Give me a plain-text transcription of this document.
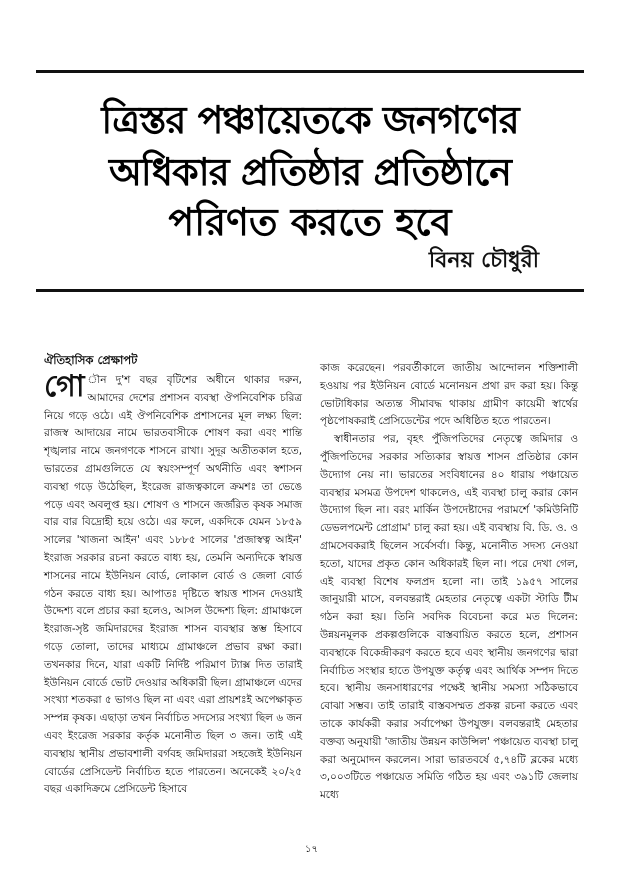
ত্রিস্তর পঞ্চায়েতকে জনগণের
অধিকার প্রতিষ্ঠার প্রতিষ্ঠানে
পরিণত করতে হবে
বিনয় চৌধুরী
ঐতিহাসিক প্রেক্ষাপট

গো ৗন দু'শ বছর বৃটিশের অধীনে থাকার দরুন, আমাদের দেশের প্রশাসন ব্যবস্থা ঔপনিবেশিক চরিত্র নিয়ে গড়ে ওঠে। এই ঔপনিবেশিক প্রশাসনের মূল লক্ষ্য ছিল: রাজস্ব আদায়ের নামে ভারতবাসীকে শোষণ করা এবং শান্তি শৃঙ্খলার নামে জনগণকে শাসনে রাখা। সুদূর অতীতকাল হতে, ভারতের গ্রামগুলিতে যে স্বয়ংসম্পূর্ণ অর্থনীতি এবং স্বশাসন ব্যবস্থা গড়ে উঠেছিল, ইংরেজ রাজত্বকালে ক্রমশঃ তা ভেঙে পড়ে এবং অবলুপ্ত হয়। শোষণ ও শাসনে জর্জরিত কৃষক সমাজ বার বার বিদ্রোহী হয়ে ওঠে। এর ফলে, একদিকে যেমন ১৮৫৯ সালের 'খাজনা আইন' এবং ১৮৮৫ সালের 'প্রজাস্বত্ব আইন' ইংরাজ সরকার রচনা করতে বাধ্য হয়, তেমনি অন্যদিকে স্বায়ত্ত শাসনের নামে ইউনিয়ন বোর্ড, লোকাল বোর্ড ও জেলা বোর্ড গঠন করতে বাধ্য হয়। আপাতঃ দৃষ্টিতে স্বায়ত্ত শাসন দেওয়াই উদ্দেশ্য বলে প্রচার করা হলেও, আসল উদ্দেশ্য ছিল: গ্রামাঞ্চলে ইংরাজ-সৃষ্ট জমিদারদের ইংরাজ শাসন ব্যবস্থার স্তম্ভ হিসাবে গড়ে তোলা, তাদের মাধ্যমে গ্রামাঞ্চলে প্রভাব রক্ষা করা। তখনকার দিনে, যারা একটি নির্দিষ্ট পরিমাণ ট্যাক্স দিত তারাই ইউনিয়ন বোর্ডে ভোট দেওয়ার অধিকারী ছিল। গ্রামাঞ্চলে এদের সংখ্যা শতকরা ৫ ভাগও ছিল না এবং এরা প্রায়শঃই অপেক্ষাকৃত সম্পন্ন কৃষক। এছাড়া তখন নির্বাচিত সদস্যের সংখ্যা ছিল ৬ জন এবং ইংরেজ সরকার কর্তৃক মনোনীত ছিল ৩ জন। তাই এই ব্যবস্থায় স্থানীয় প্রভাবশালী বর্গবহ জমিদাররা সহজেই ইউনিয়ন বোর্ডের প্রেসিডেন্ট নির্বাচিত হতে পারতেন। অনেকেই ২০/২৫ বছর একাদিক্রমে প্রেসিডেন্ট হিসাবে

কাজ করেছেন। পরবর্তীকালে জাতীয় আন্দোলন শক্তিশালী হওয়ায় পর ইউনিয়ন বোর্ডে মনোনয়ন প্রথা রদ করা হয়। কিন্তু ভোটাধিকার অত্যন্ত সীমাবদ্ধ থাকায় গ্রামীণ কায়েমী স্বার্থের পৃষ্ঠপোষকরাই প্রেসিডেন্টের পদে অধিষ্ঠিত হতে পারতেন।

স্বাধীনতার পর, বৃহৎ পুঁজিপতিদের নেতৃত্বে জমিদার ও পুঁজিপতিদের সরকার সত্যিকার স্বায়ত্ত শাসন প্রতিষ্ঠার কোন উদ্যোগ নেয় না। ভারতের সংবিধানের ৪০ ধারায় পঞ্চায়েত ব্যবস্থার মসমত্র উপদেশ থাকলেও, এই ব্যবস্থা চালু করার কোন উদ্যোগ ছিল না। বরং মার্কিন উপদেষ্টাদের পরামর্শে 'কমিউনিটি ডেভলপমেন্ট প্রোগ্রাম' চালু করা হয়। এই ব্যবস্থায় বি. ডি. ও. ও গ্রামসেবকরাই ছিলেন সর্বেসর্বা। কিন্তু, মনোনীত সদস্য নেওয়া হতো, যাদের প্রকৃত কোন অধিকারই ছিল না। পরে দেখা গেল, এই ব্যবস্থা বিশেষ ফলপ্রদ হলো না। তাই ১৯৫৭ সালের জানুয়ারী মাসে, বলবন্তরাই মেহতার নেতৃত্বে একটা স্টাডি টীম গঠন করা হয়। তিনি সবদিক বিবেচনা করে মত দিলেন: উন্নয়নমূলক প্রকল্পগুলিকে বাস্তবায়িত করতে হলে, প্রশাসন ব্যবস্থাকে বিকেন্দ্রীকরণ করতে হবে এবং স্থানীয় জনগণের দ্বারা নির্বাচিত সংস্থার হাতে উপযুক্ত কর্তৃত্ব এবং আর্থিক সম্পদ দিতে হবে। স্থানীয় জনসাধারণের পক্ষেই স্থানীয় সমস্যা সঠিকভাবে বোঝা সম্ভব। তাই তারাই বাস্তবসম্মত প্রকল্প রচনা করতে এবং তাকে কার্যকরী করার সর্বাপেক্ষা উপযুক্ত। বলবন্তরাই মেহতার বক্তব্য অনুযায়ী 'জাতীয় উন্নয়ন কাউন্সিল' পঞ্চায়েত ব্যবস্থা চালু করা অনুমোদন করলেন। সারা ভারতবর্ষে ৫,৭৪টি ব্লকের মধ্যে ৩,০০৩টিতে পঞ্চায়েত সমিতি গঠিত হয় এবং ৩৯১টি জেলায় মধ্যে

১৭
